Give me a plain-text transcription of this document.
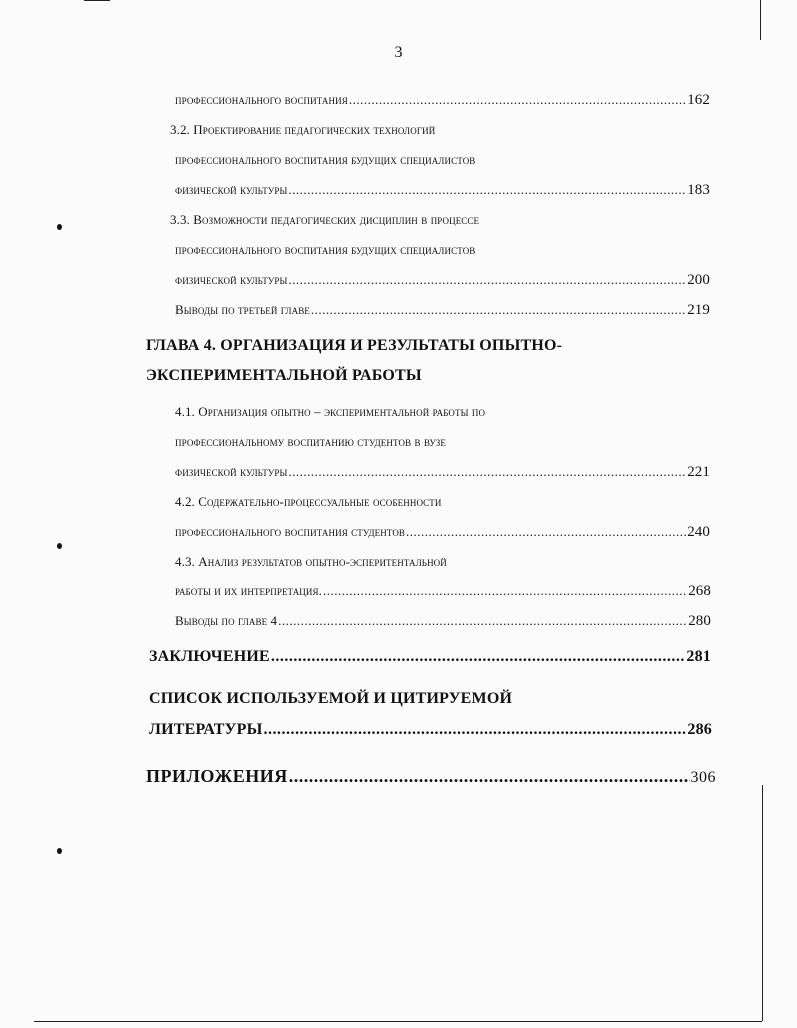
3
профессионального воспитания .....	162
3.2. Проектирование педагогических технологий
профессионального воспитания будущих специалистов
физической культуры .....	183
3.3. Возможности педагогических дисциплин в процессе
профессионального воспитания будущих специалистов
физической культуры .....	200
Выводы по третьей главе .....	219
ГЛАВА 4. ОРГАНИЗАЦИЯ И РЕЗУЛЬТАТЫ ОПЫТНО-
ЭКСПЕРИМЕНТАЛЬНОЙ РАБОТЫ
4.1. Организация опытно – экспериментальной работы по
профессиональному воспитанию студентов в вузе
физической культуры .....	221
4.2. Содержательно-процессуальные особенности
профессионального воспитания студентов .....	240
4.3. Анализ результатов опытно-эсперитентальной
работы и их интерпретация. .....	268
Выводы по главе 4 .....	280
ЗАКЛЮЧЕНИЕ .....	281
СПИСОК ИСПОЛЬЗУЕМОЙ И ЦИТИРУЕМОЙ
ЛИТЕРАТУРЫ .....	286
ПРИЛОЖЕНИЯ .....	306
